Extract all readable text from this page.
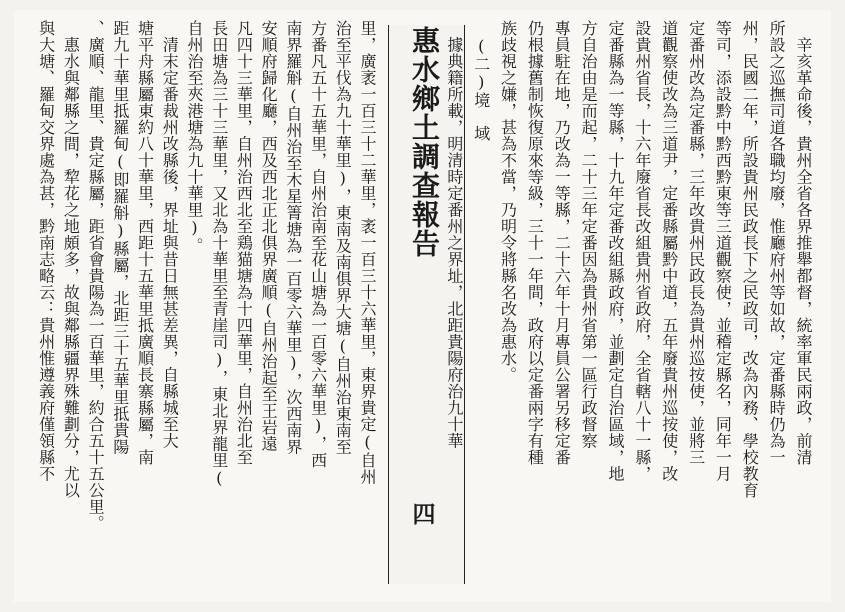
惠水鄉土調查報告
四
　辛亥革命後，貴州全省各界推舉都督，統率軍民兩政，前清
所設之巡撫司道各職均廢，惟廳府州等如故，定番縣時仍為一
州，民國二年，所設貴州民政長下之民政司，改為內務、學校教育
等司，添設黔中黔西黔東等三道觀察使，並稽定縣名，同年一月
定番州改為定番縣，三年改貴州民政長為貴州巡按使，並將三
道觀察使改為三道尹，定番縣屬黔中道，五年廢貴州巡按使，改
設貴州省長，十六年廢省長改組貴州省政府，全省轄八十一縣，
定番縣為一等縣，十九年定番改組縣政府，並劃定自治區域，地
方自治由是而起，二十三年定番因為貴州省第一區行政督察
專員駐在地，乃改為一等縣，二十六年十月專員公署另移定番
仍根據舊制恢復原來等級，三十一年間，政府以定番兩字有種
族歧視之嫌，甚為不當，乃明令將縣名改為惠水。
　(二)境　域
　據典籍所載，明清時定番州之界址，北距貴陽府治九十華
里，廣袤一百三十二華里，袤一百三十六華里，東界貴定(自州
治至平伐為九十華里)，東南及南俱界大塘(自州治東南至
方番凡五十五華里，自州治南至花山塘為一百零六華里)，西
南界羅斛(自州治至木星箐塘為一百零六華里)，次西南界
安順府歸化廳，西及西北正北俱界廣順(自州治起至王岩遠
凡四十三華里，自州治西北至鶏猫塘為十四華里，自州治北至
長田塘為三十三華里，又北為十華里至青崖司)，東北界龍里(
自州治至夾港塘為九十華里)。
　清末定番裁州改縣後，界址與昔日無甚差異，自縣城至大
塘平舟縣屬東約八十華里，西距十五華里抵廣順長寨縣屬，南
距九十華里抵羅甸(即羅斛)縣屬，北距三十五華里抵貴陽
、廣順、龍里、貴定縣屬，距省會貴陽為一百華里，約合五十五公里。
　惠水與鄰縣之間，犂花之地頗多，故與鄰縣疆界殊難劃分，尤以
與大塘、羅甸交界處為甚，黔南志略云：貴州惟遵義府僅領縣不
